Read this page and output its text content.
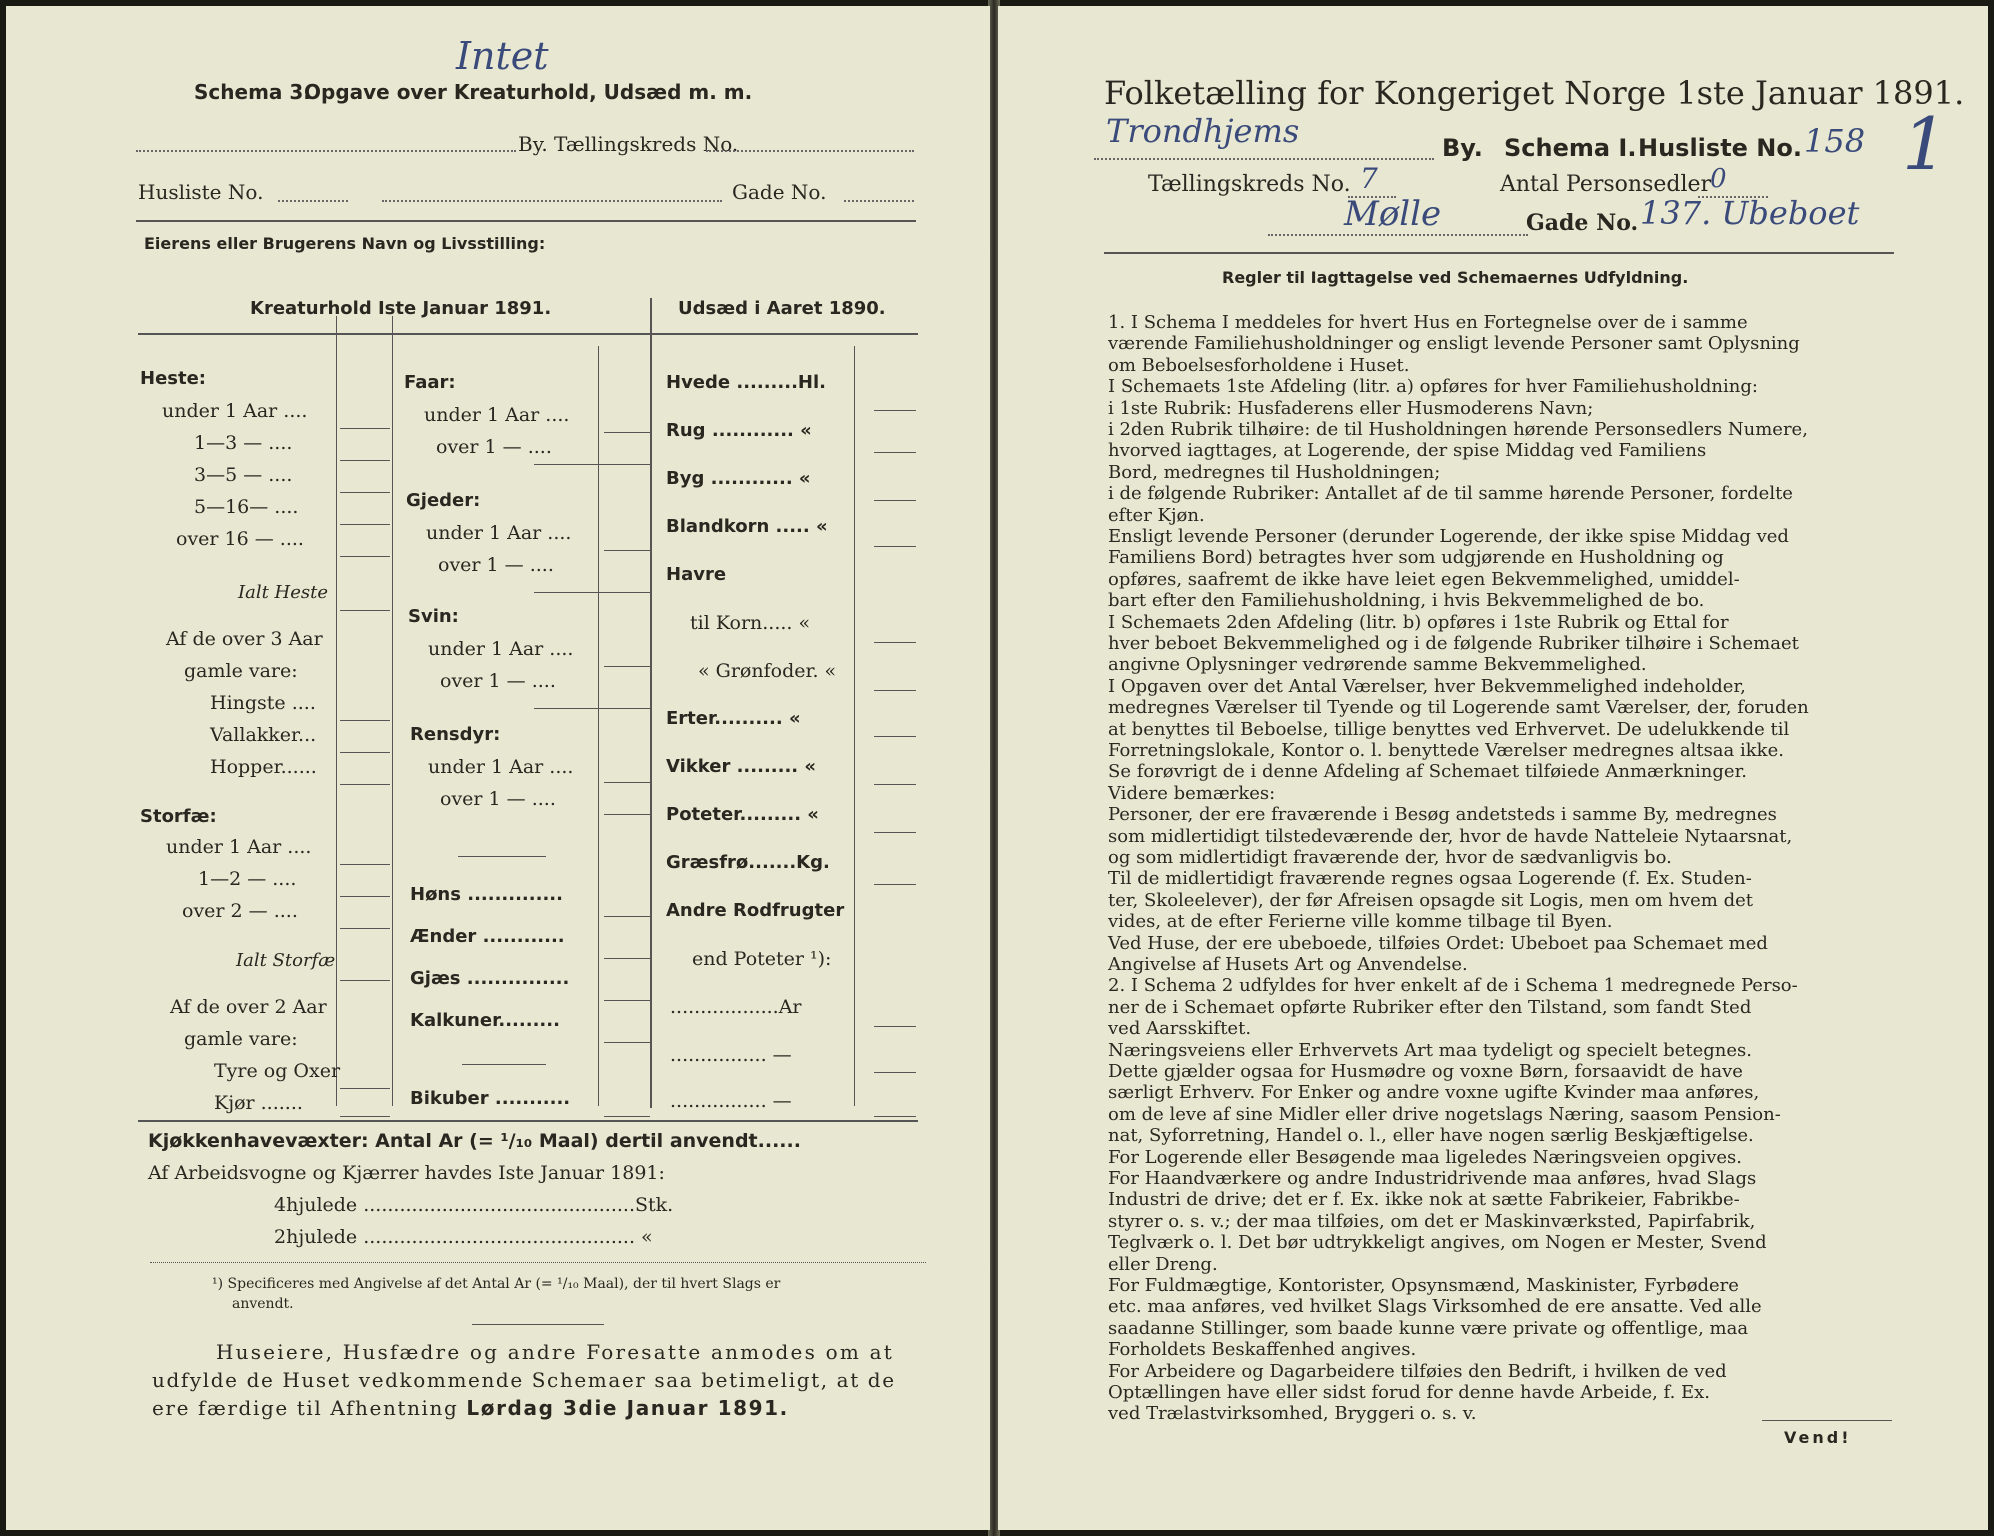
Schema 3.
Opgave over Kreaturhold, Udsæd m. m.
Intet
By. Tællingskreds No.
Husliste No.	Gade No.
Eierens eller Brugerens Navn og Livsstilling:
Kreaturhold Iste Januar 1891.	Udsæd i Aaret 1890.
Heste:
under 1 Aar ....
1—3 — ....
3—5 — ....
5—16— ....
over 16 — ....
Ialt Heste
Af de over 3 Aar
gamle vare:
Hingste ....
Vallakker...
Hopper......
Storfæ:
under 1 Aar ....
1—2 — ....
over 2 — ....
Ialt Storfæ
Af de over 2 Aar
gamle vare:
Tyre og Oxer
Kjør .......
Faar:
under 1 Aar ....
over 1 — ....
Gjeder:
under 1 Aar ....
over 1 — ....
Svin:
under 1 Aar ....
over 1 — ....
Rensdyr:
under 1 Aar ....
over 1 — ....
Høns ..............
Ænder ............
Gjæs ...............
Kalkuner.........
Bikuber ...........
Hvede .........Hl.
Rug ............ «
Byg ............ «
Blandkorn ..... «
Havre
til Korn..... «
« Grønfoder. «
Erter.......... «
Vikker ......... «
Poteter......... «
Græsfrø.......Kg.
Andre Rodfrugter
end Poteter ¹):
..................Ar
................ —
................ —
Kjøkkenhavevæxter: Antal Ar (= ¹/₁₀ Maal) dertil anvendt......
Af Arbeidsvogne og Kjærrer havdes Iste Januar 1891:
4hjulede .............................................Stk.
2hjulede ............................................. «
¹) Specificeres med Angivelse af det Antal Ar (= ¹/₁₀ Maal), der til hvert Slags er
anvendt.
Huseiere, Husfædre og andre Foresatte anmodes om at
udfylde de Huset vedkommende Schemaer saa betimeligt, at de
ere færdige til Afhentning Lørdag 3die Januar 1891.
Folketælling for Kongeriget Norge 1ste Januar 1891.
Trondhjems	By. Schema I. Husliste No. 158 1
Tællingskreds No. 7	Antal Personsedler
0
Mølle	Gade No. 137. Ubeboet
Regler til Iagttagelse ved Schemaernes Udfyldning.
1. I Schema I meddeles for hvert Hus en Fortegnelse over de i samme
værende Familiehusholdninger og ensligt levende Personer samt Oplysning
om Beboelsesforholdene i Huset.
I Schemaets 1ste Afdeling (litr. a) opføres for hver Familiehusholdning:
i 1ste Rubrik: Husfaderens eller Husmoderens Navn;
i 2den Rubrik tilhøire: de til Husholdningen hørende Personsedlers Numere,
hvorved iagttages, at Logerende, der spise Middag ved Familiens
Bord, medregnes til Husholdningen;
i de følgende Rubriker: Antallet af de til samme hørende Personer, fordelte
efter Kjøn.
Ensligt levende Personer (derunder Logerende, der ikke spise Middag ved
Familiens Bord) betragtes hver som udgjørende en Husholdning og
opføres, saafremt de ikke have leiet egen Bekvemmelighed, umiddel-
bart efter den Familiehusholdning, i hvis Bekvemmelighed de bo.
I Schemaets 2den Afdeling (litr. b) opføres i 1ste Rubrik og Ettal for
hver beboet Bekvemmelighed og i de følgende Rubriker tilhøire i Schemaet
angivne Oplysninger vedrørende samme Bekvemmelighed.
I Opgaven over det Antal Værelser, hver Bekvemmelighed indeholder,
medregnes Værelser til Tyende og til Logerende samt Værelser, der, foruden
at benyttes til Beboelse, tillige benyttes ved Erhvervet. De udelukkende til
Forretningslokale, Kontor o. l. benyttede Værelser medregnes altsaa ikke.
Se forøvrigt de i denne Afdeling af Schemaet tilføiede Anmærkninger.
Videre bemærkes:
Personer, der ere fraværende i Besøg andetsteds i samme By, medregnes
som midlertidigt tilstedeværende der, hvor de havde Natteleie Nytaarsnat,
og som midlertidigt fraværende der, hvor de sædvanligvis bo.
Til de midlertidigt fraværende regnes ogsaa Logerende (f. Ex. Studen-
ter, Skoleelever), der før Afreisen opsagde sit Logis, men om hvem det
vides, at de efter Ferierne ville komme tilbage til Byen.
Ved Huse, der ere ubeboede, tilføies Ordet: Ubeboet paa Schemaet med
Angivelse af Husets Art og Anvendelse.
2. I Schema 2 udfyldes for hver enkelt af de i Schema 1 medregnede Perso-
ner de i Schemaet opførte Rubriker efter den Tilstand, som fandt Sted
ved Aarsskiftet.
Næringsveiens eller Erhvervets Art maa tydeligt og specielt betegnes.
Dette gjælder ogsaa for Husmødre og voxne Børn, forsaavidt de have
særligt Erhverv. For Enker og andre voxne ugifte Kvinder maa anføres,
om de leve af sine Midler eller drive nogetslags Næring, saasom Pension-
nat, Syforretning, Handel o. l., eller have nogen særlig Beskjæftigelse.
For Logerende eller Besøgende maa ligeledes Næringsveien opgives.
For Haandværkere og andre Industridrivende maa anføres, hvad Slags
Industri de drive; det er f. Ex. ikke nok at sætte Fabrikeier, Fabrikbe-
styrer o. s. v.; der maa tilføies, om det er Maskinværksted, Papirfabrik,
Teglværk o. l. Det bør udtrykkeligt angives, om Nogen er Mester, Svend
eller Dreng.
For Fuldmægtige, Kontorister, Opsynsmænd, Maskinister, Fyrbødere
etc. maa anføres, ved hvilket Slags Virksomhed de ere ansatte. Ved alle
saadanne Stillinger, som baade kunne være private og offentlige, maa
Forholdets Beskaffenhed angives.
For Arbeidere og Dagarbeidere tilføies den Bedrift, i hvilken de ved
Optællingen have eller sidst forud for denne havde Arbeide, f. Ex.
ved Trælastvirksomhed, Bryggeri o. s. v.
Vend!
